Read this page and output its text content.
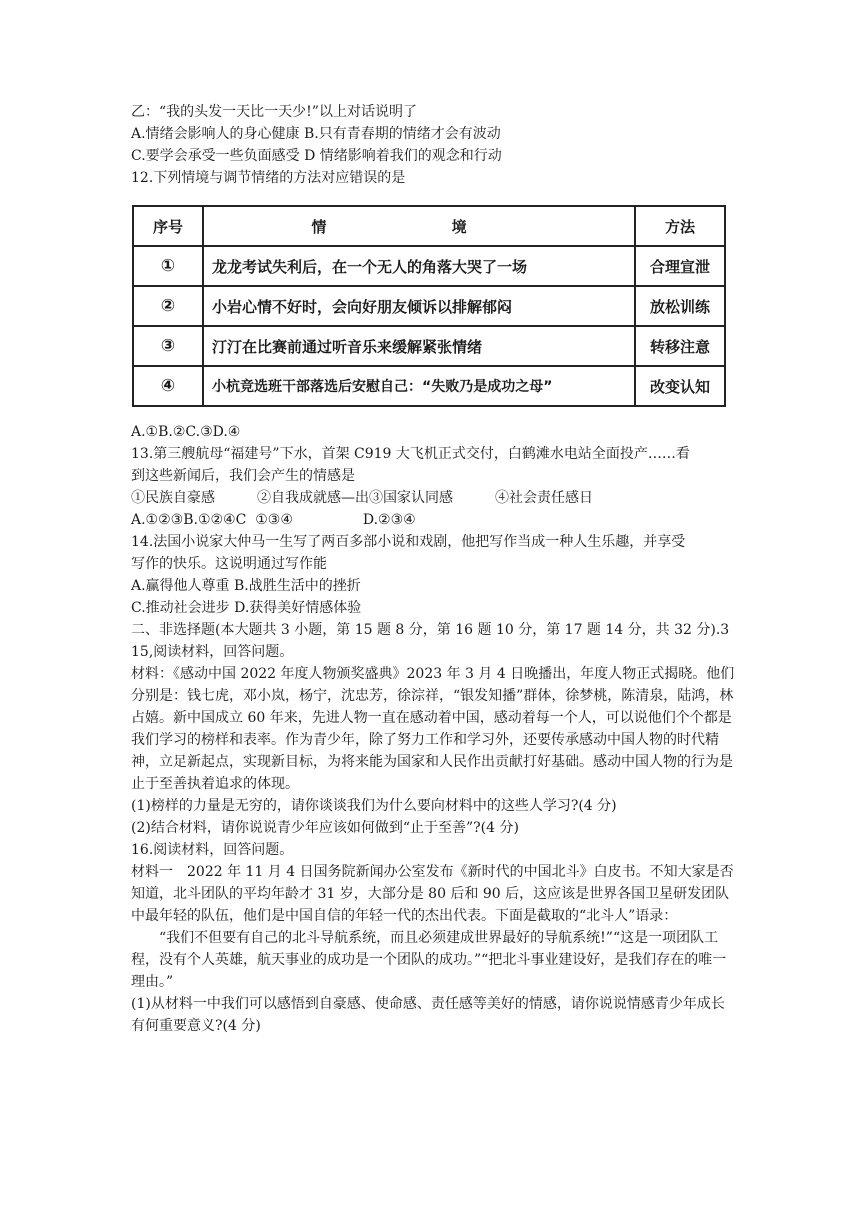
乙：“我的头发一天比一天少!”以上对话说明了
A.情绪会影响人的身心健康 B.只有青春期的情绪才会有波动
C.要学会承受一些负面感受 D 情绪影响着我们的观念和行动
12.下列情境与调节情绪的方法对应错误的是
序号	情 境	方法
①	龙龙考试失利后，在一个无人的角落大哭了一场	合理宣泄
②	小岩心情不好时，会向好朋友倾诉以排解郁闷	放松训练
③	汀汀在比赛前通过听音乐来缓解紧张情绪	转移注意
④	小杭竞选班干部落选后安慰自己：“失败乃是成功之母”	改变认知
A.①B.②C.③D.④
13.第三艘航母“福建号”下水，首架 C919 大飞机正式交付，白鹤滩水电站全面投产……看
到这些新闻后，我们会产生的情感是
①民族自豪感　　　②自我成就感—出③国家认同感　　　④社会责任感日
A.①②③B.①②④C  ①③④　　　　　D.②③④
14.法国小说家大仲马一生写了两百多部小说和戏剧，他把写作当成一种人生乐趣，并享受
写作的快乐。这说明通过写作能
A.赢得他人尊重 B.战胜生活中的挫折
C.推动社会进步 D.获得美好情感体验
二、非选择题(本大题共 3 小题，第 15 题 8 分，第 16 题 10 分，第 17 题 14 分，共 32 分).3
15,阅读材料，回答问题。
材料：《感动中国 2022 年度人物颁奖盛典》2023 年 3 月 4 日晚播出，年度人物正式揭晓。他们分别是：钱七虎，邓小岚，杨宁，沈忠芳，徐淙祥，“银发知播”群体，徐梦桃，陈清泉，陆鸿，林占嬉。新中国成立 60 年来，先进人物一直在感动着中国，感动着每一个人，可以说他们个个都是我们学习的榜样和表率。作为青少年，除了努力工作和学习外，还要传承感动中国人物的时代精神，立足新起点，实现新目标，为将来能为国家和人民作出贡献打好基础。感动中国人物的行为是止于至善执着追求的体现。
(1)榜样的力量是无穷的，请你谈谈我们为什么要向材料中的这些人学习?(4 分)
(2)结合材料，请你说说青少年应该如何做到“止于至善”?(4 分)
16.阅读材料，回答问题。
材料一　2022 年 11 月 4 日国务院新闻办公室发布《新时代的中国北斗》白皮书。不知大家是否知道，北斗团队的平均年龄才 31 岁，大部分是 80 后和 90 后，这应该是世界各国卫星研发团队中最年轻的队伍，他们是中国自信的年轻一代的杰出代表。下面是截取的“北斗人”语录：
“我们不但要有自己的北斗导航系统，而且必须建成世界最好的导航系统!”“这是一项团队工程，没有个人英雄，航天事业的成功是一个团队的成功。”“把北斗事业建设好，是我们存在的唯一理由。”
(1)从材料一中我们可以感悟到自豪感、使命感、责任感等美好的情感，请你说说情感青少年成长有何重要意义?(4 分)
